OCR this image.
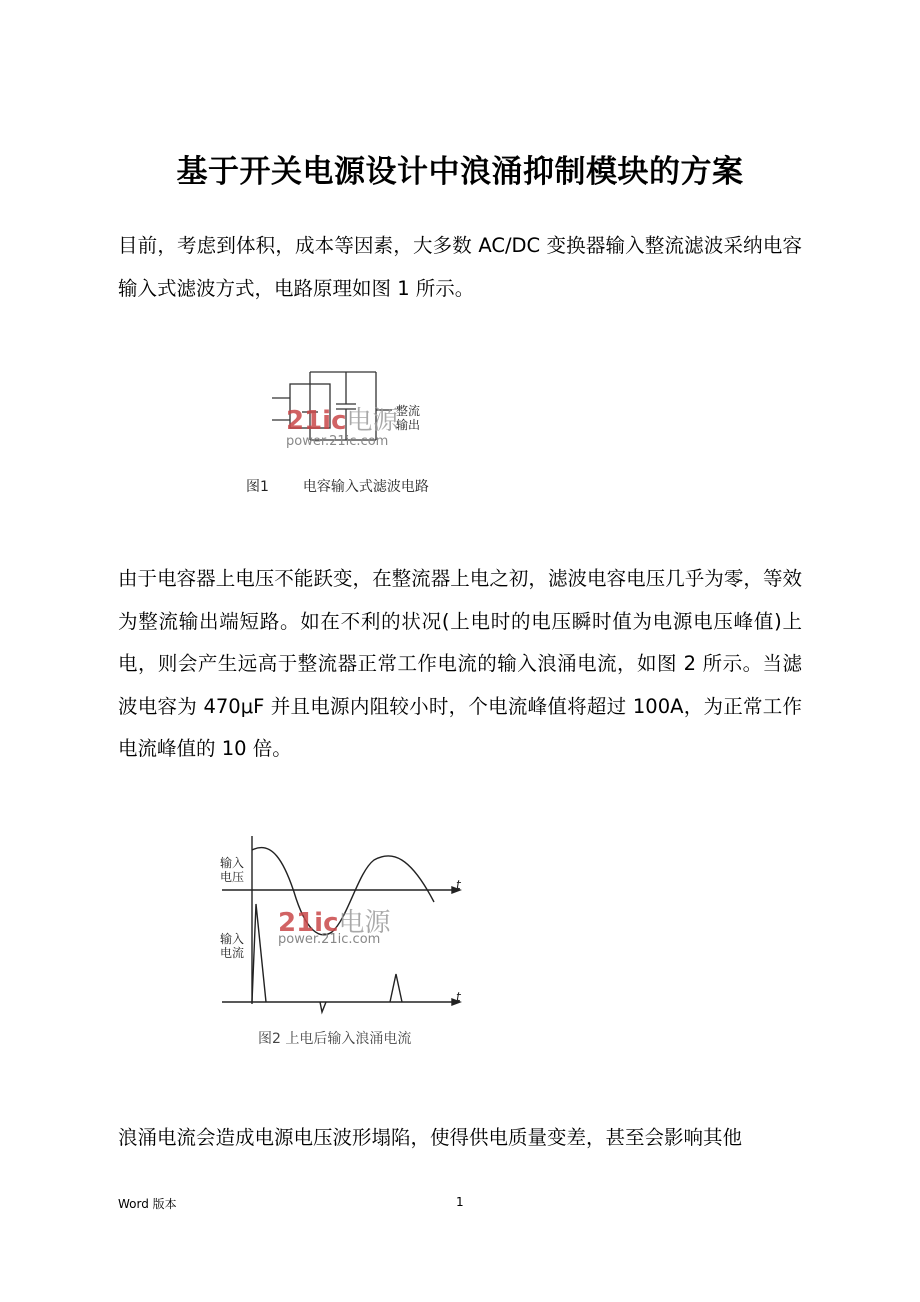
基于开关电源设计中浪涌抑制模块的方案

目前，考虑到体积，成本等因素，大多数 AC/DC 变换器输入整流滤波采纳电容输入式滤波方式，电路原理如图 1 所示。

21ic电源
power.21ic.com
整流
输出
图1 电容输入式滤波电路

由于电容器上电压不能跃变，在整流器上电之初，滤波电容电压几乎为零，等效为整流输出端短路。如在不利的状况(上电时的电压瞬时值为电源电压峰值)上电，则会产生远高于整流器正常工作电流的输入浪涌电流，如图 2 所示。当滤波电容为 470μF 并且电源内阻较小时，个电流峰值将超过 100A，为正常工作电流峰值的 10 倍。

输入
电压
输入
电流
t
t
21ic电源
power.21ic.com
图2 上电后输入浪涌电流

浪涌电流会造成电源电压波形塌陷，使得供电质量变差，甚至会影响其他

Word 版本	1
